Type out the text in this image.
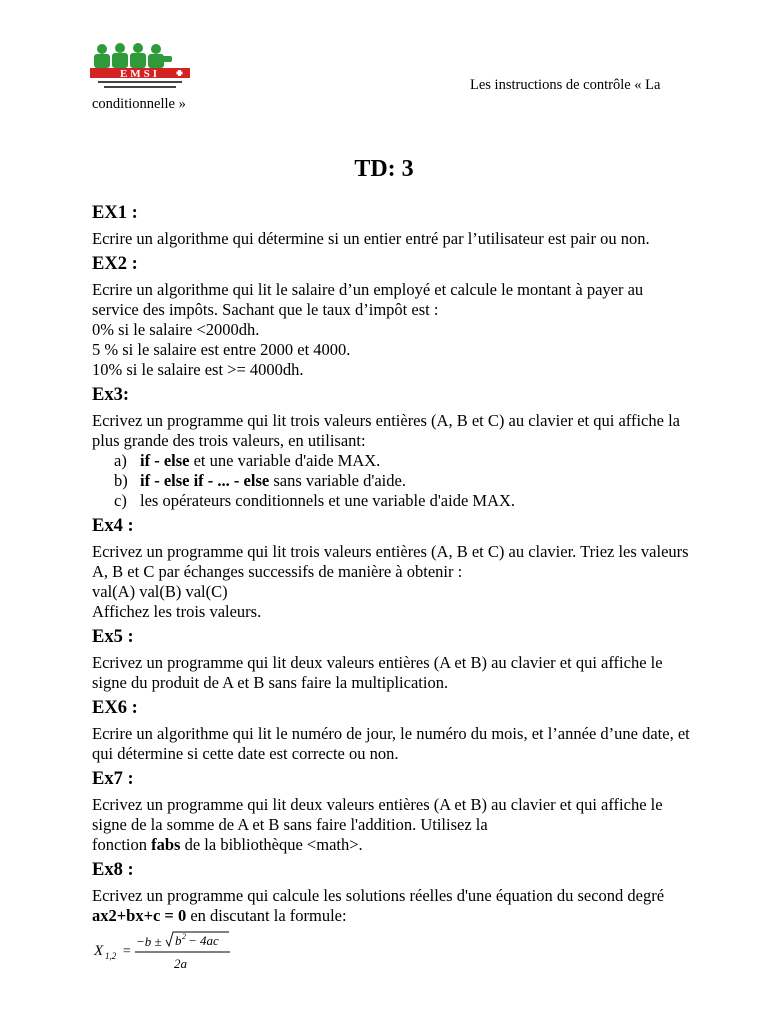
EMSI
Les instructions de contrôle « La conditionnelle »
TD: 3
EX1 :

Ecrire un algorithme qui détermine si un entier entré par l’utilisateur est pair ou non.

EX2 :

Ecrire un algorithme qui lit le salaire d’un employé et calcule le montant à payer au service des impôts. Sachant que le taux d’impôt est :

0% si le salaire <2000dh.

5 % si le salaire est entre 2000 et 4000.

10% si le salaire est >= 4000dh.

Ex3:

Ecrivez un programme qui lit trois valeurs entières (A, B et C) au clavier et qui affiche la plus grande des trois valeurs, en utilisant:

a) if - else et une variable d'aide MAX.
b) if - else if - ... - else sans variable d'aide.
c) les opérateurs conditionnels et une variable d'aide MAX.
Ex4 :

Ecrivez un programme qui lit trois valeurs entières (A, B et C) au clavier. Triez les valeurs A, B et C par échanges successifs de manière à obtenir :

val(A) val(B) val(C)

Affichez les trois valeurs.

Ex5 :

Ecrivez un programme qui lit deux valeurs entières (A et B) au clavier et qui affiche le signe du produit de A et B sans faire la multiplication.

EX6 :

Ecrire un algorithme qui lit le numéro de jour, le numéro du mois, et l’année d’une date, et qui détermine si cette date est correcte ou non.

Ex7 :

Ecrivez un programme qui lit deux valeurs entières (A et B) au clavier et qui affiche le signe de la somme de A et B sans faire l'addition. Utilisez la

fonction fabs de la bibliothèque <math>.

Ex8 :

Ecrivez un programme qui calcule les solutions réelles d'une équation du second degré ax2+bx+c = 0 en discutant la formule:

X 1,2 =
−b ± b 2 − 4ac
2a
